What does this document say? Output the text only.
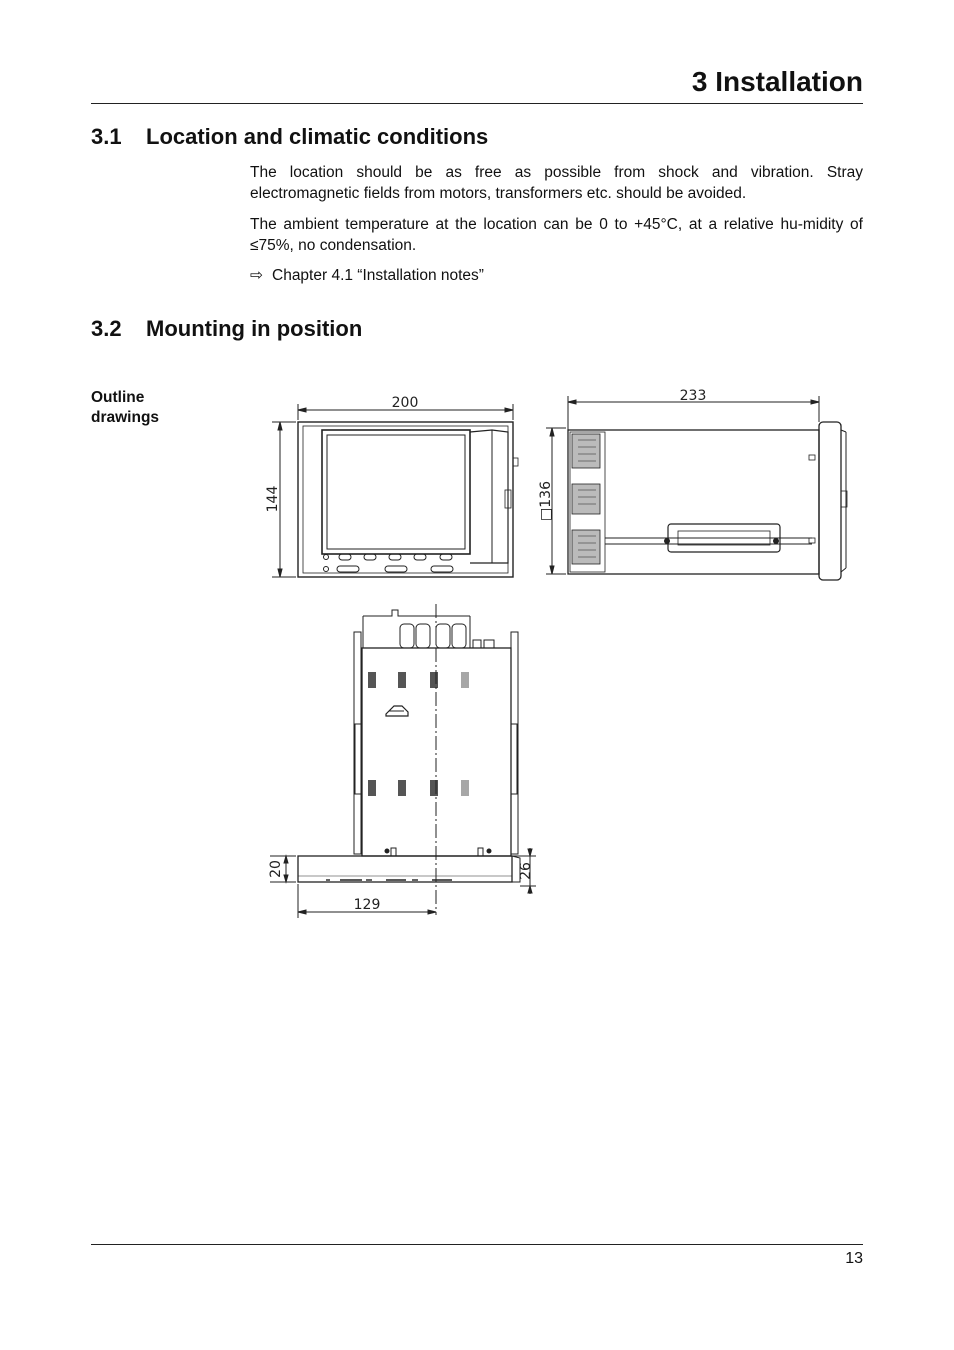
3 Installation
3.1 Location and climatic conditions

The location should be as free as possible from shock and vibration. Stray electromagnetic fields from motors, transformers etc. should be avoided.

The ambient temperature at the location can be 0 to +45°C, at a relative hu-midity of ≤75%, no condensation.

⇨ Chapter 4.1 “Installation notes”
3.2 Mounting in position

Outline drawings

200
144
233
□136
20	26
129
13
